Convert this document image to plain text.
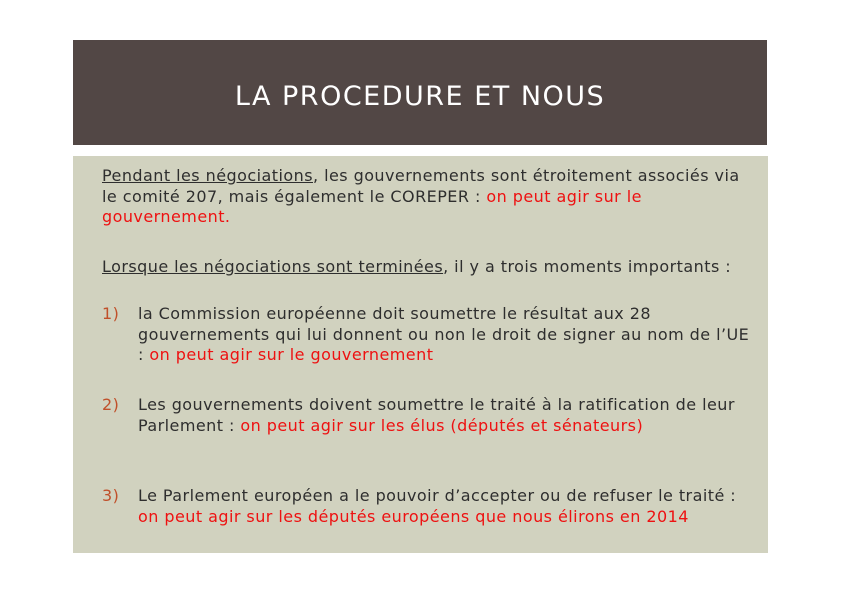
LA PROCEDURE ET NOUS
Pendant les négociations, les gouvernements sont étroitement associés via le comité 207, mais également le COREPER : on peut agir sur le gouvernement.
Lorsque les négociations sont terminées, il y a trois moments importants :
1) la Commission européenne doit soumettre le résultat aux 28 gouvernements qui lui donnent ou non le droit de signer au nom de l’UE : on peut agir sur le gouvernement
2) Les gouvernements doivent soumettre le traité à la ratification de leur Parlement : on peut agir sur les élus (députés et sénateurs)
3) Le Parlement européen a le pouvoir d’accepter ou de refuser le traité : on peut agir sur les députés européens que nous élirons en 2014
